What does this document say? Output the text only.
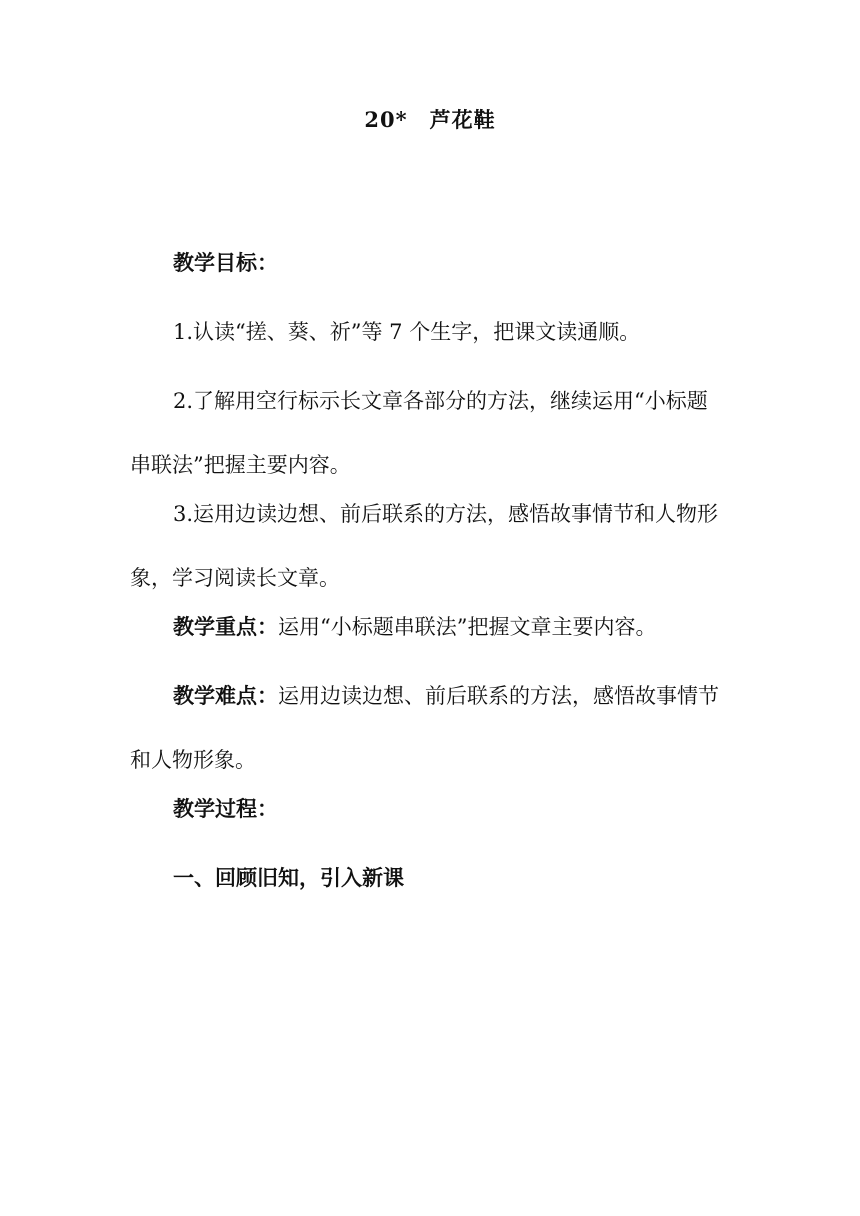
20* 芦花鞋

教学目标：

1.认读“搓、葵、祈”等 7 个生字，把课文读通顺。

2.了解用空行标示长文章各部分的方法，继续运用“小标题串联法”把握主要内容。

3.运用边读边想、前后联系的方法，感悟故事情节和人物形象，学习阅读长文章。

教学重点：运用“小标题串联法”把握文章主要内容。

教学难点：运用边读边想、前后联系的方法，感悟故事情节和人物形象。

教学过程：

一、回顾旧知，引入新课
